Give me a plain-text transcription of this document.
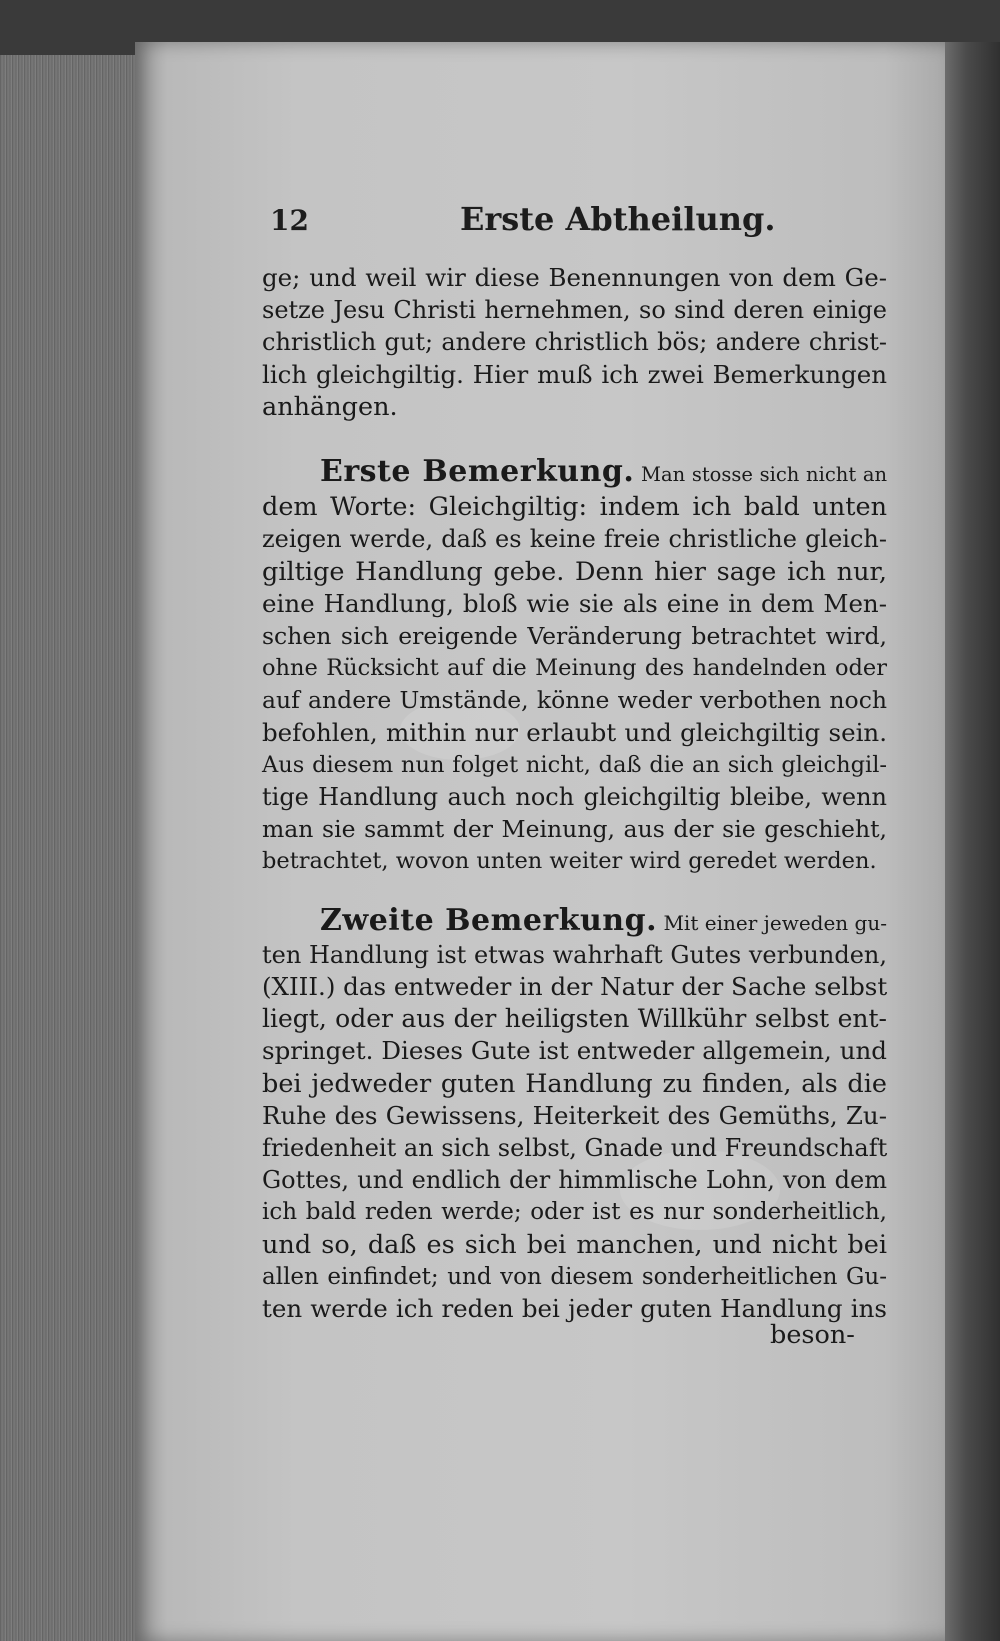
12	Erste Abtheilung.
ge; und weil wir diese Benennungen von dem Ge-
setze Jesu Christi hernehmen, so sind deren einige
christlich gut; andere christlich bös; andere christ-
lich gleichgiltig. Hier muß ich zwei Bemerkungen
anhängen.
Erste Bemerkung. Man stosse sich nicht an
dem Worte: Gleichgiltig: indem ich bald unten
zeigen werde, daß es keine freie christliche gleich-
giltige Handlung gebe. Denn hier sage ich nur,
eine Handlung, bloß wie sie als eine in dem Men-
schen sich ereigende Veränderung betrachtet wird,
ohne Rücksicht auf die Meinung des handelnden oder
auf andere Umstände, könne weder verbothen noch
befohlen, mithin nur erlaubt und gleichgiltig sein.
Aus diesem nun folget nicht, daß die an sich gleichgil-
tige Handlung auch noch gleichgiltig bleibe, wenn
man sie sammt der Meinung, aus der sie geschieht,
betrachtet, wovon unten weiter wird geredet werden.
Zweite Bemerkung. Mit einer jeweden gu-
ten Handlung ist etwas wahrhaft Gutes verbunden,
(XIII.) das entweder in der Natur der Sache selbst
liegt, oder aus der heiligsten Willkühr selbst ent-
springet. Dieses Gute ist entweder allgemein, und
bei jedweder guten Handlung zu finden, als die
Ruhe des Gewissens, Heiterkeit des Gemüths, Zu-
friedenheit an sich selbst, Gnade und Freundschaft
Gottes, und endlich der himmlische Lohn, von dem
ich bald reden werde; oder ist es nur sonderheitlich,
und so, daß es sich bei manchen, und nicht bei
allen einfindet; und von diesem sonderheitlichen Gu-
ten werde ich reden bei jeder guten Handlung ins
beson-
